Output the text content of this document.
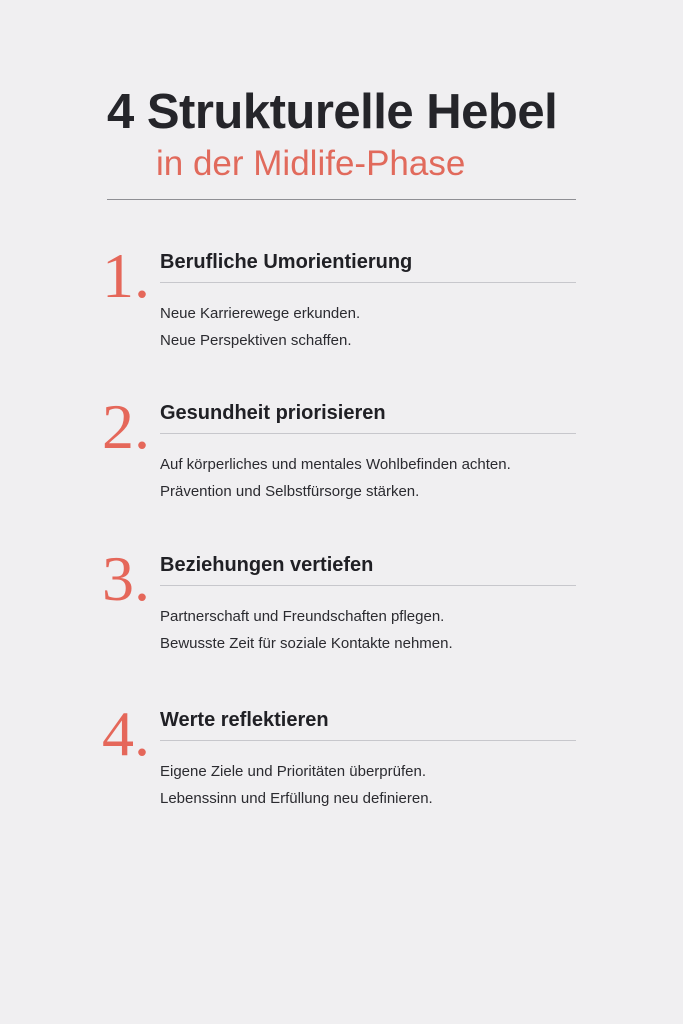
4 Strukturelle Hebel
in der Midlife-Phase
1. Berufliche Umorientierung
Neue Karrierewege erkunden.
Neue Perspektiven schaffen.
2. Gesundheit priorisieren
Auf körperliches und mentales Wohlbefinden achten.
Prävention und Selbstfürsorge stärken.
3. Beziehungen vertiefen
Partnerschaft und Freundschaften pflegen.
Bewusste Zeit für soziale Kontakte nehmen.
4. Werte reflektieren
Eigene Ziele und Prioritäten überprüfen.
Lebenssinn und Erfüllung neu definieren.
